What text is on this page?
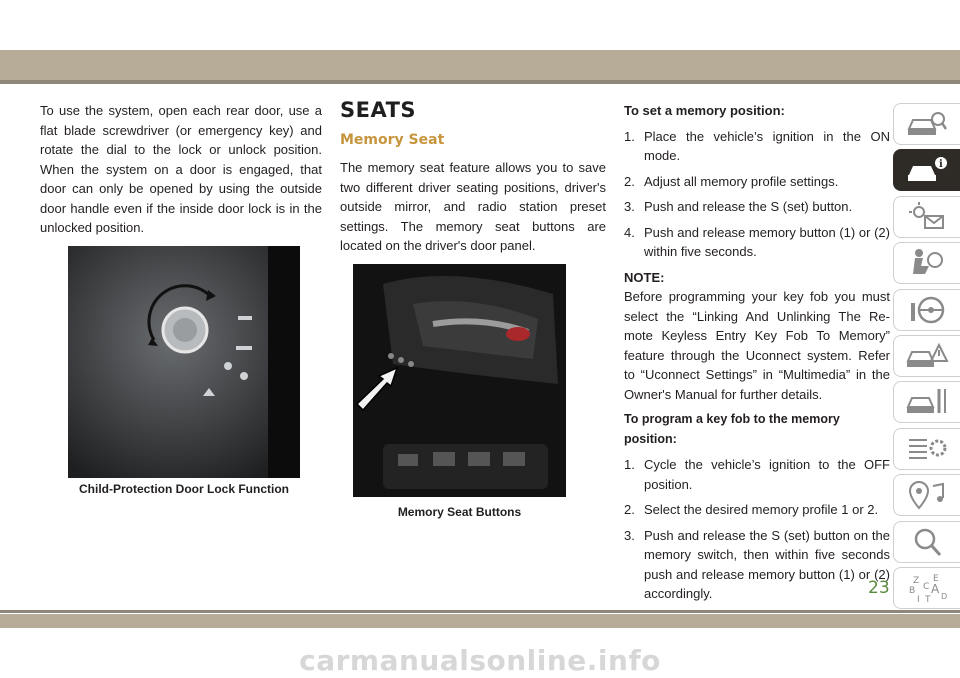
To use the system, open each rear door, use a flat blade screwdriver (or emergency key) and rotate the dial to the lock or unlock position. When the system on a door is engaged, that door can only be opened by using the outside door handle even if the inside door lock is in the unlocked position.

Child-Protection Door Lock Function
SEATS
Memory Seat

The memory seat feature allows you to save two different driver seating positions, driver's outside mirror, and radio station preset settings. The memory seat buttons are located on the driver's door panel.

Memory Seat Buttons
To set a memory position:
1. Place the vehicle’s ignition in the ON mode.
2. Adjust all memory profile settings.
3. Push and release the S (set) button.
4. Push and release memory button (1) or (2) within five seconds.
NOTE:

Before programming your key fob you must select the “Linking And Unlinking The Re-mote Keyless Entry Key Fob To Memory” feature through the Uconnect system. Refer to “Uconnect Settings” in “Multimedia” in the Owner's Manual for further details.

To program a key fob to the memory position:
1. Cycle the vehicle’s ignition to the OFF position.
2. Select the desired memory profile 1 or 2.
3. Push and release the S (set) button on the memory switch, then within five seconds push and release memory button (1) or (2) accordingly.
i
Z E
B A
C
D
I T
23
carmanualsonline.info
